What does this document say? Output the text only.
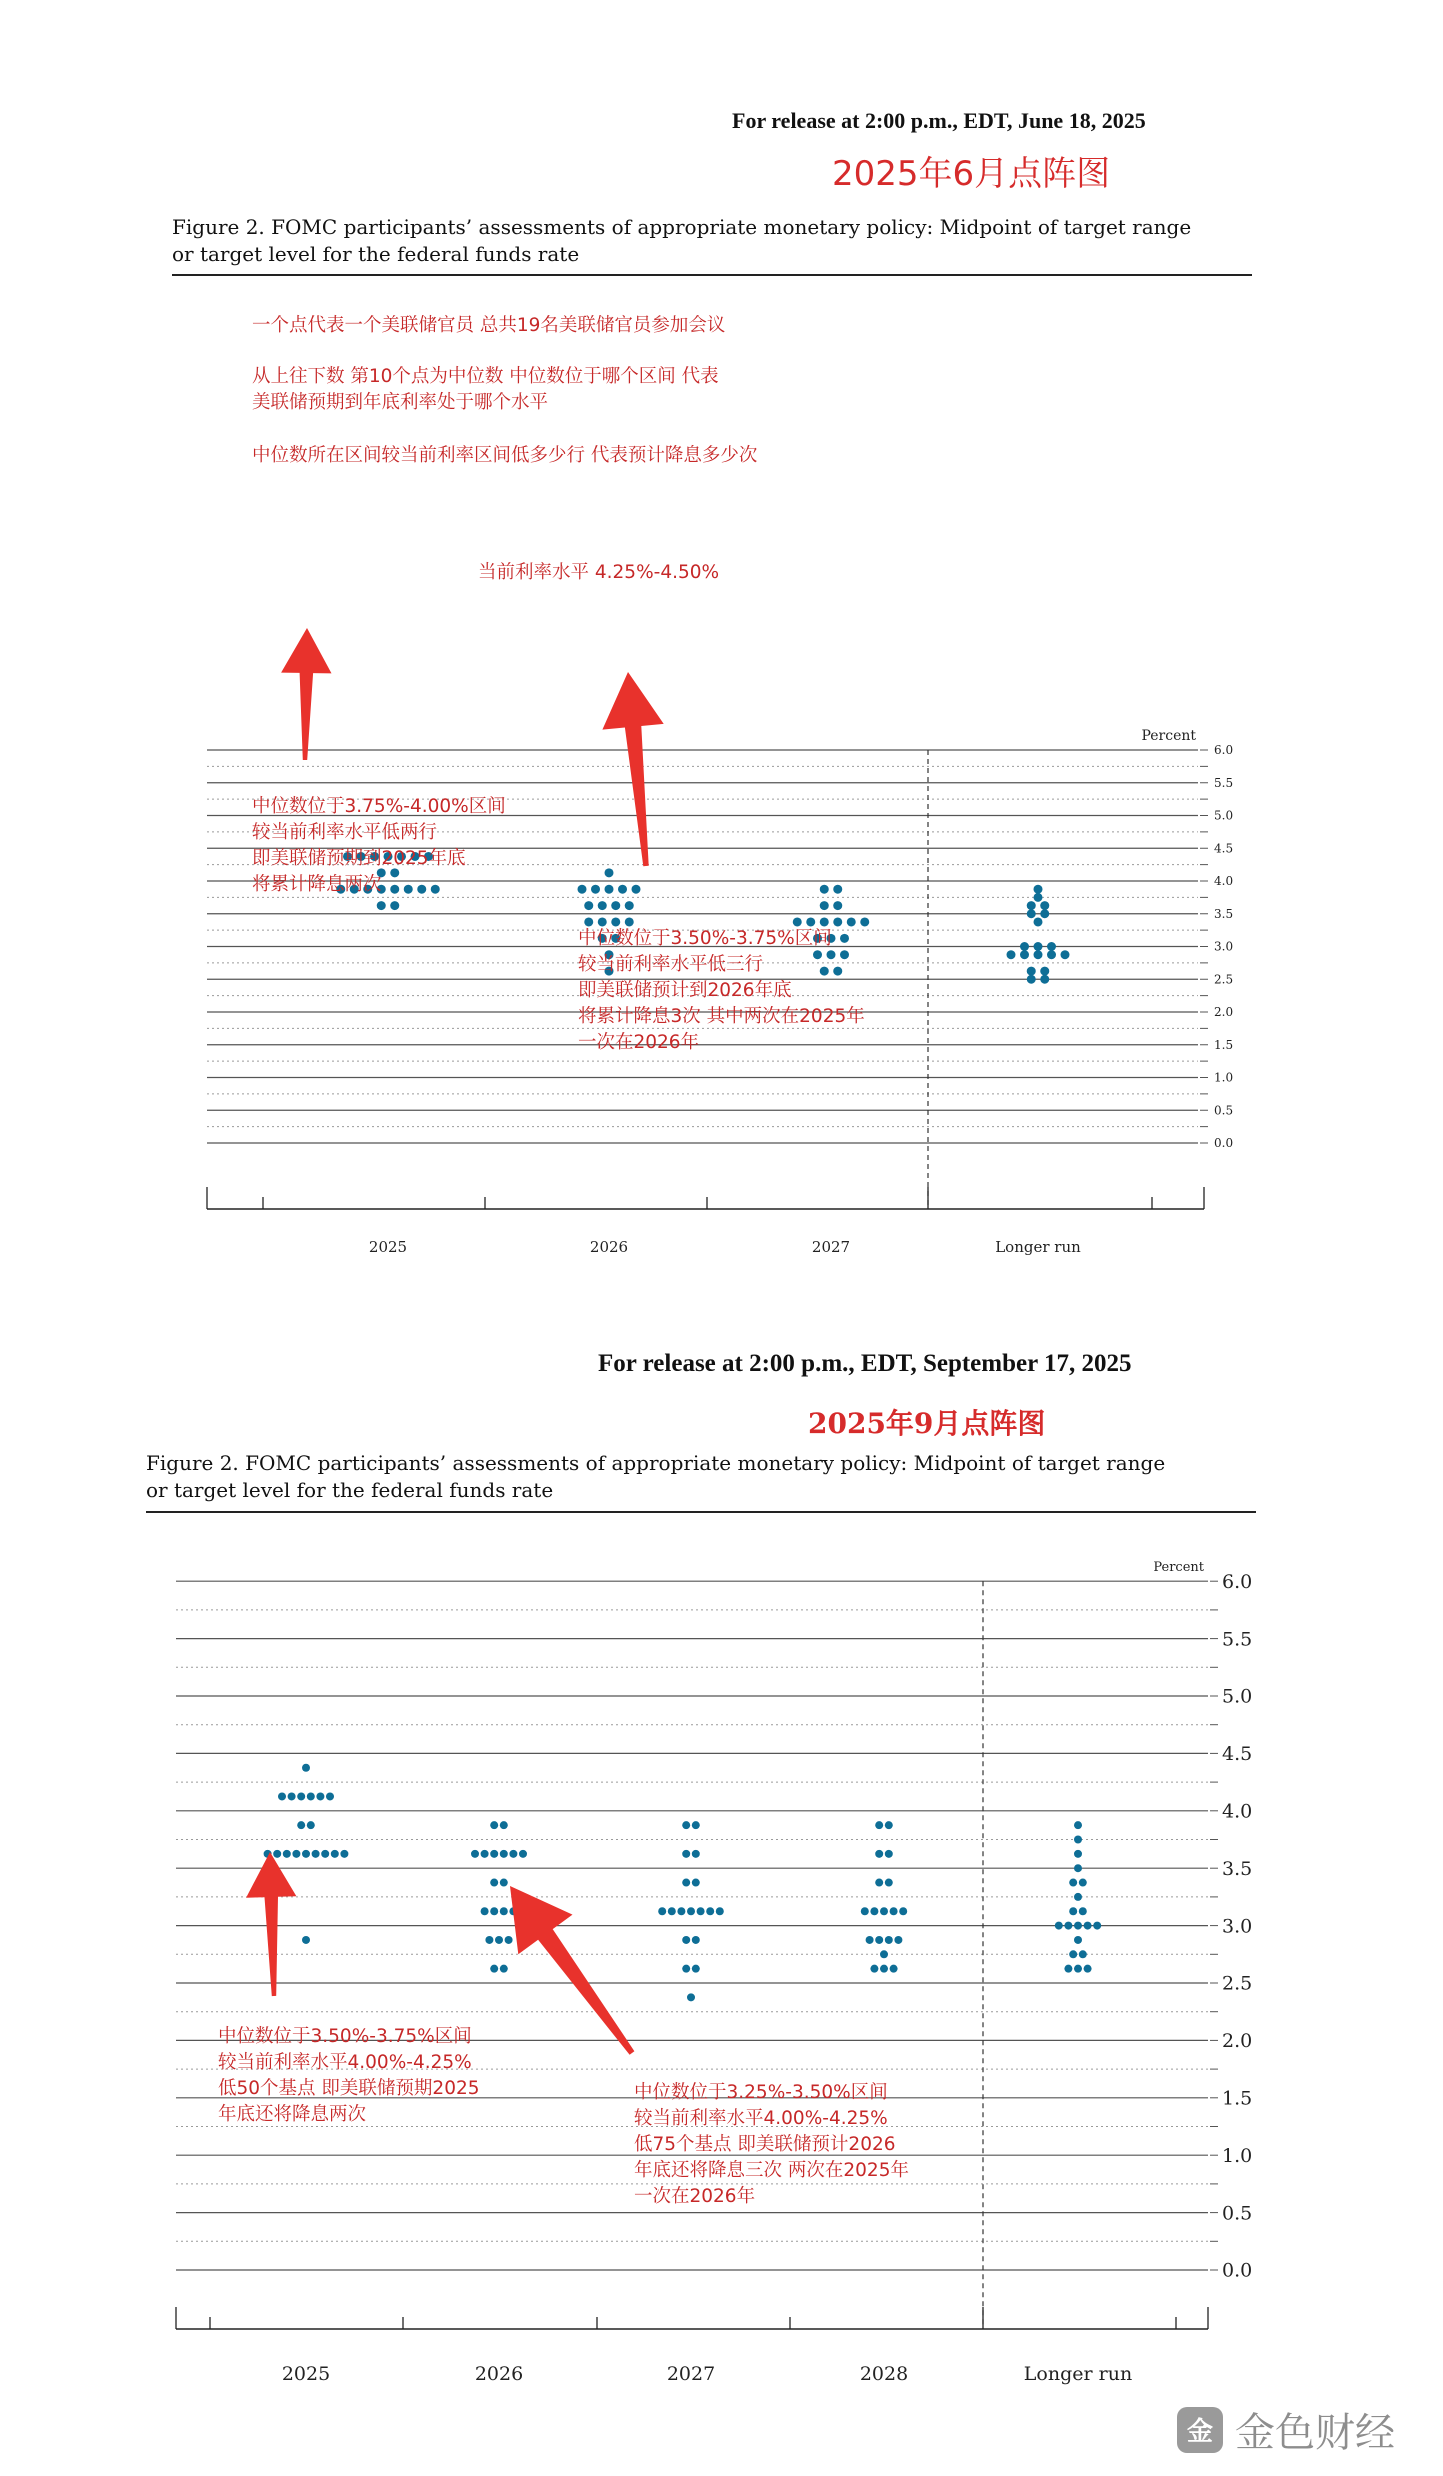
For release at 2:00 p.m., EDT, June 18, 2025
2025年6月点阵图
Figure 2. FOMC participants’ assessments of appropriate monetary policy: Midpoint of target range
or target level for the federal funds rate
0.0
0.5
1.0
1.5
2.0
2.5
3.0
3.5
4.0
4.5
5.0
5.5
6.0
Percent
2025	2026	2027	Longer run
一个点代表一个美联储官员 总共19名美联储官员参加会议
从上往下数 第10个点为中位数 中位数位于哪个区间 代表
美联储预期到年底利率处于哪个水平
中位数所在区间较当前利率区间低多少行 代表预计降息多少次
当前利率水平 4.25%-4.50%
中位数位于3.75%-4.00%区间
较当前利率水平低两行
即美联储预期到2025年底
将累计降息两次
中位数位于3.50%-3.75%区间
较当前利率水平低三行
即美联储预计到2026年底
将累计降息3次 其中两次在2025年
一次在2026年
For release at 2:00 p.m., EDT, September 17, 2025
2025年9月点阵图
Figure 2. FOMC participants’ assessments of appropriate monetary policy: Midpoint of target range
or target level for the federal funds rate
0.0
0.5
1.0
1.5
2.0
2.5
3.0
3.5
4.0
4.5
5.0
5.5
6.0
Percent
2025	2026	2027	2028	Longer run
中位数位于3.50%-3.75%区间
较当前利率水平4.00%-4.25%
低50个基点 即美联储预期2025
年底还将降息两次
中位数位于3.25%-3.50%区间
较当前利率水平4.00%-4.25%
低75个基点 即美联储预计2026
年底还将降息三次 两次在2025年
一次在2026年
金 金色财经
